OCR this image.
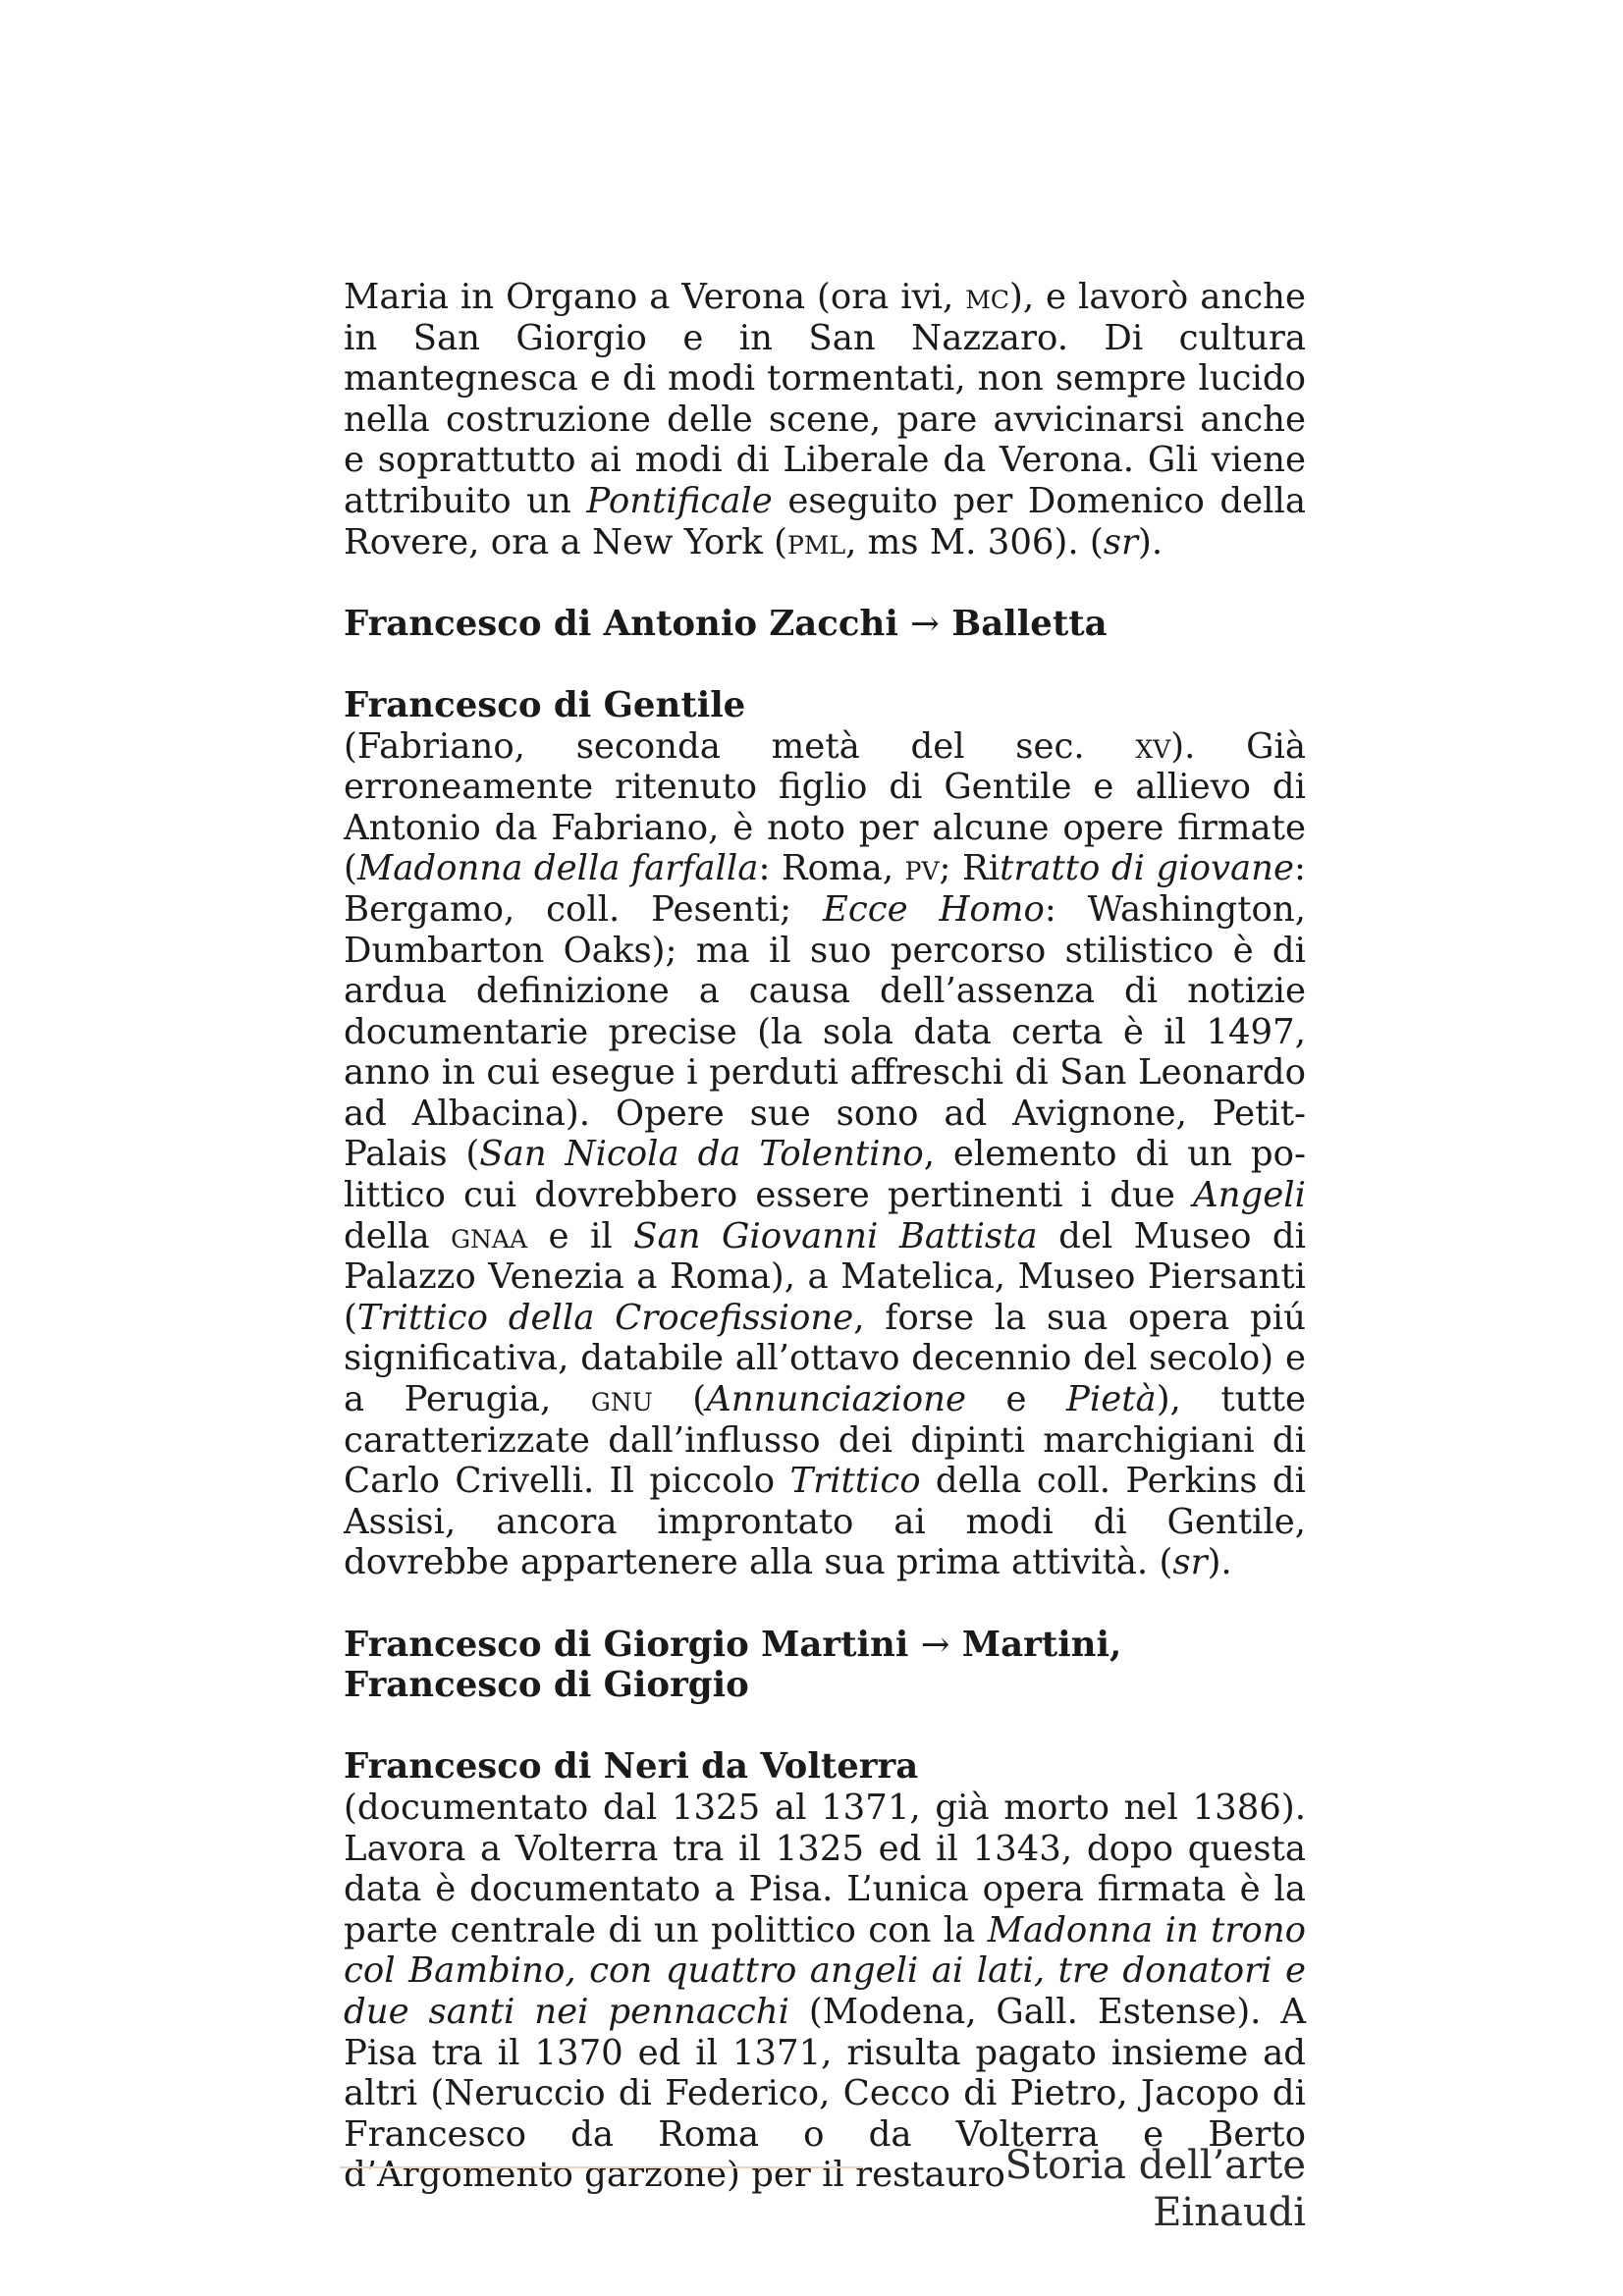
Maria in Organo a Verona (ora ivi, mc), e lavorò anche in San Giorgio e in San Nazzaro. Di cultura mantegnesca e di modi tormentati, non sempre lucido nella costruzione delle scene, pare avvicinarsi anche e soprattutto ai modi di Liberale da Verona. Gli viene attribuito un Pontificale eseguito per Domenico della Rovere, ora a New York (pml, ms M. 306). (sr).

Francesco di Antonio Zacchi → Balletta
Francesco di Gentile

(Fabriano, seconda metà del sec. xv). Già erroneamente ritenuto figlio di Gentile e allievo di Antonio da Fabriano, è noto per alcune opere firmate (Madonna della farfalla: Roma, pv; Ritratto di giovane: Bergamo, coll. Pesenti; Ecce Homo: Washington, Dumbarton Oaks); ma il suo percorso stilistico è di ardua definizione a causa dell’assenza di notizie documentarie precise (la sola data certa è il 1497, anno in cui esegue i perduti affreschi di San Leonardo ad Albacina). Opere sue sono ad Avignone, Petit-Palais (San Nicola da Tolentino, elemento di un polittico cui dovrebbero essere pertinenti i due Angeli della gnaa e il San Giovanni Battista del Museo di Palazzo Venezia a Roma), a Matelica, Museo Piersanti (Trittico della Crocefissione, forse la sua opera piú significativa, databile all’ottavo decennio del secolo) e a Perugia, gnu (Annunciazione e Pietà), tutte caratterizzate dall’influsso dei dipinti marchigiani di Carlo Crivelli. Il piccolo Trittico della coll. Perkins di Assisi, ancora improntato ai modi di Gentile, dovrebbe appartenere alla sua prima attività. (sr).

Francesco di Giorgio Martini → Martini, Francesco di Giorgio
Francesco di Neri da Volterra

(documentato dal 1325 al 1371, già morto nel 1386). Lavora a Volterra tra il 1325 ed il 1343, dopo questa data è documentato a Pisa. L’unica opera firmata è la parte centrale di un polittico con la Madonna in trono col Bambino, con quattro angeli ai lati, tre donatori e due santi nei pennacchi (Modena, Gall. Estense). A Pisa tra il 1370 ed il 1371, risulta pagato insieme ad altri (Neruccio di Federico, Cecco di Pietro, Jacopo di Francesco da Roma o da Volterra e Berto d’Argomento garzone) per il restauro Storia dell’arte Einaudi
